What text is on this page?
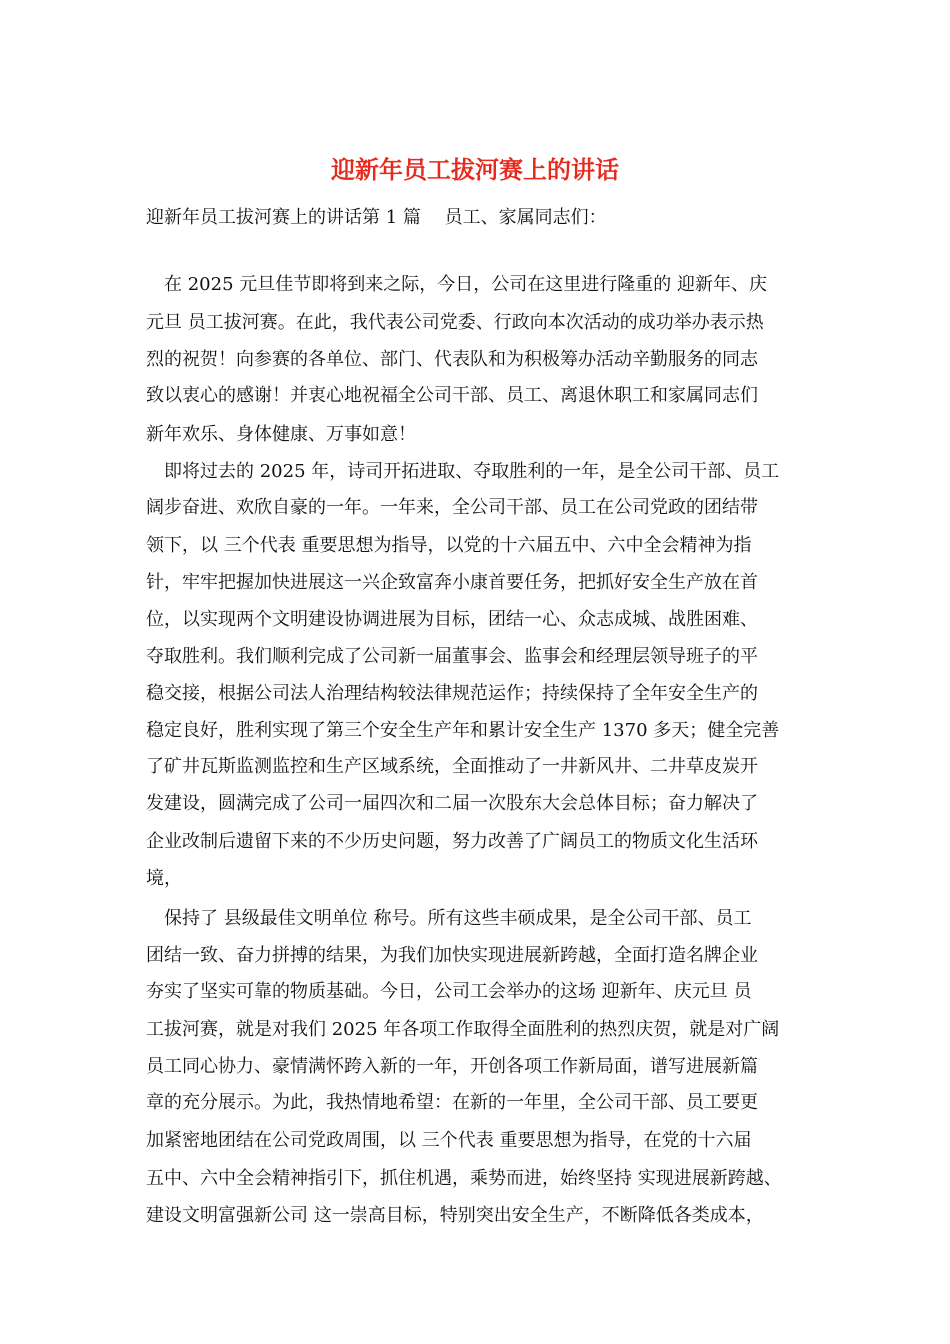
迎新年员工拔河赛上的讲话
迎新年员工拔河赛上的讲话第 1 篇　 员工、家属同志们：
　在 2025 元旦佳节即将到来之际，今日，公司在这里进行隆重的 迎新年、庆
元旦 员工拔河赛。在此，我代表公司党委、行政向本次活动的成功举办表示热
烈的祝贺！向参赛的各单位、部门、代表队和为积极筹办活动辛勤服务的同志
致以衷心的感谢！并衷心地祝福全公司干部、员工、离退休职工和家属同志们
新年欢乐、身体健康、万事如意！
　即将过去的 2025 年，诗司开拓进取、夺取胜利的一年，是全公司干部、员工
阔步奋进、欢欣自豪的一年。一年来，全公司干部、员工在公司党政的团结带
领下，以 三个代表 重要思想为指导，以党的十六届五中、六中全会精神为指
针，牢牢把握加快进展这一兴企致富奔小康首要任务，把抓好安全生产放在首
位，以实现两个文明建设协调进展为目标，团结一心、众志成城、战胜困难、
夺取胜利。我们顺利完成了公司新一届董事会、监事会和经理层领导班子的平
稳交接，根据公司法人治理结构较法律规范运作；持续保持了全年安全生产的
稳定良好，胜利实现了第三个安全生产年和累计安全生产 1370 多天；健全完善
了矿井瓦斯监测监控和生产区域系统，全面推动了一井新风井、二井草皮炭开
发建设，圆满完成了公司一届四次和二届一次股东大会总体目标；奋力解决了
企业改制后遗留下来的不少历史问题，努力改善了广阔员工的物质文化生活环
境，
　保持了 县级最佳文明单位 称号。所有这些丰硕成果，是全公司干部、员工
团结一致、奋力拼搏的结果，为我们加快实现进展新跨越，全面打造名牌企业
夯实了坚实可靠的物质基础。今日，公司工会举办的这场 迎新年、庆元旦 员
工拔河赛，就是对我们 2025 年各项工作取得全面胜利的热烈庆贺，就是对广阔
员工同心协力、豪情满怀跨入新的一年，开创各项工作新局面，谱写进展新篇
章的充分展示。为此，我热情地希望：在新的一年里，全公司干部、员工要更
加紧密地团结在公司党政周围，以 三个代表 重要思想为指导，在党的十六届
五中、六中全会精神指引下，抓住机遇，乘势而进，始终坚持 实现进展新跨越、
建设文明富强新公司 这一崇高目标，特别突出安全生产，不断降低各类成本，
